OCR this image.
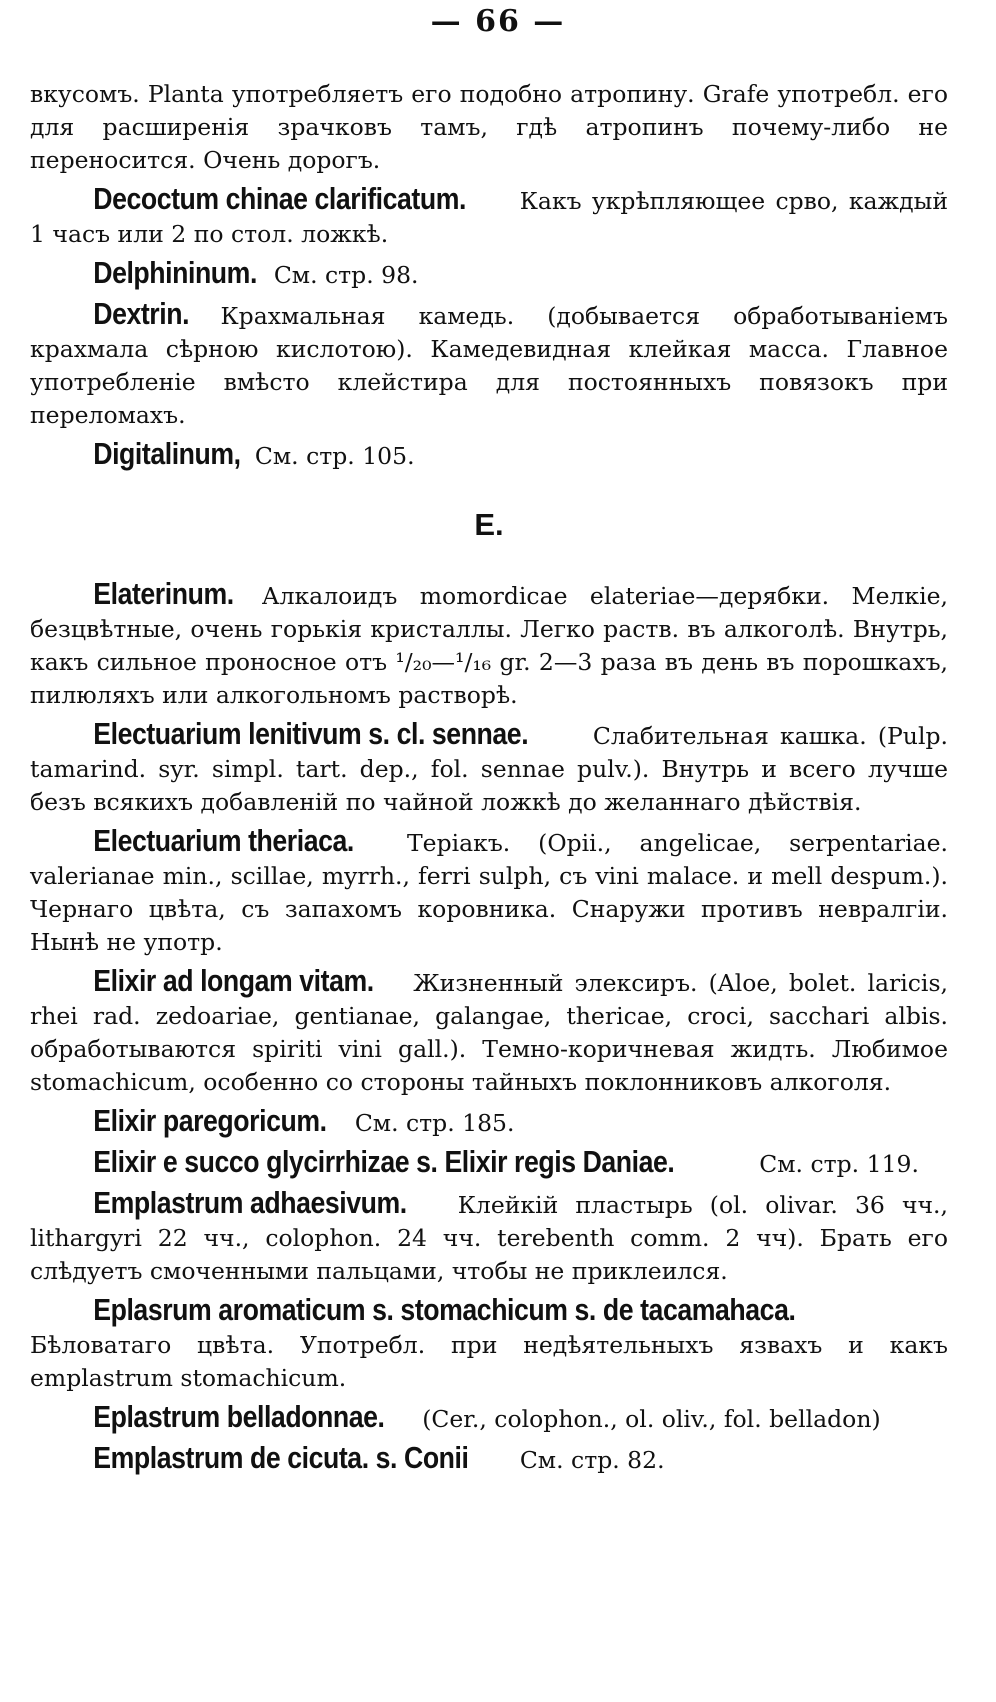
— 66 —

вкусомъ. Planta употребляетъ его подобно атропину. Grafe употребл. его для расширенія зрачковъ тамъ, гдѣ атропинъ почему-либо не переносится. Очень дорогъ.

Decoctum chinae clarificatum. Какъ укрѣпляющее срво, каждый 1 часъ или 2 по стол. ложкѣ.

Delphininum. См. стр. 98.

Dextrin. Крахмальная камедь. (добывается обработываніемъ крахмала сѣрною кислотою). Камедевидная клейкая масса. Главное употребленіе вмѣсто клейстира для постоянныхъ повязокъ при переломахъ.

Digitalinum, См. стр. 105.

E.

Elaterinum. Алкалоидъ momordicae elateriae—дерябки. Мелкіе, безцвѣтные, очень горькія кристаллы. Легко раств. въ алкоголѣ. Внутрь, какъ сильное проносное отъ ¹/₂₀—¹/₁₆ gr. 2—3 раза въ день въ порошкахъ, пилюляхъ или алкогольномъ растворѣ.

Electuarium lenitivum s. cl. sennae.	Слабительная кашка. (Pulp. tamarind. syr. simpl. tart. dep., fol. sennae pulv.). Внутрь и всего лучше безъ всякихъ добавленій по чайной ложкѣ до желаннаго дѣйствія.

Electuarium theriaca. Теріакъ. (Opii., angelicae, serpentariae. valerianae min., scillae, myrrh., ferri sulph, съ vini malace. и mell despum.). Чернаго цвѣта, съ запахомъ коровника. Снаружи противъ невралгіи. Нынѣ не употр.

Elixir ad longam vitam. Жизненный элексиръ. (Aloe, bolet. laricis, rhei rad. zedoariae, gentianae, galangae, thericae, croci, sacchari albis. обработываются spiriti vini gall.). Темно-коричневая жидть. Любимое stomachicum, особенно со стороны тайныхъ поклонниковъ алкоголя.

Elixir paregoricum. См. стр. 185.

Elixir e succo glycirrhizae s. Elixir regis Daniae.	См. стр. 119.

Emplastrum adhaesivum. Клейкій пластырь (ol. olivar. 36 чч., lithargyri 22 чч., colophon. 24 чч. terebenth comm. 2 чч). Брать его слѣдуетъ смоченными пальцами, чтобы не приклеился.

Eplasrum aromaticum s. stomachicum s. de tacamahaca. Бѣловатаго цвѣта. Употребл. при недѣятельныхъ язвахъ и какъ emplastrum stomachicum.

Eplastrum belladonnae. (Cer., colophon., ol. oliv., fol. belladon)

Emplastrum de cicuta. s. Conii См. стр. 82.
